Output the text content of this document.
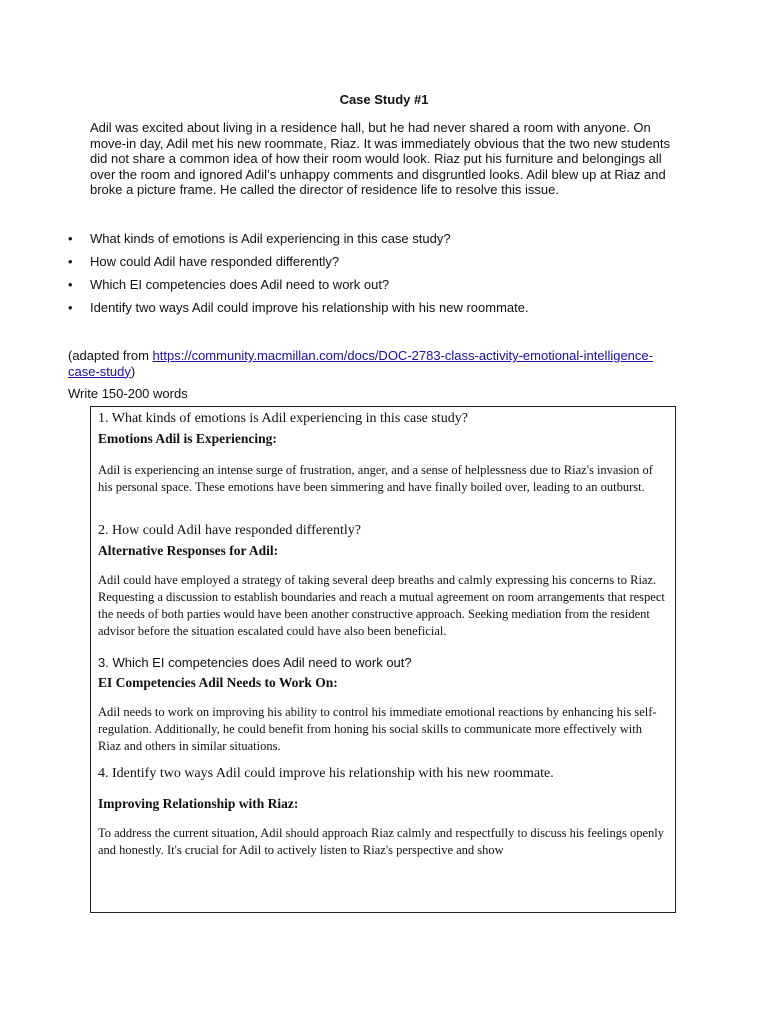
Case Study #1

Adil was excited about living in a residence hall, but he had never shared a room with anyone. On move-in day, Adil met his new roommate, Riaz. It was immediately obvious that the two new students did not share a common idea of how their room would look. Riaz put his furniture and belongings all over the room and ignored Adil’s unhappy comments and disgruntled looks. Adil blew up at Riaz and broke a picture frame. He called the director of residence life to resolve this issue.

• What kinds of emotions is Adil experiencing in this case study?
• How could Adil have responded differently?
• Which EI competencies does Adil need to work out?
• Identify two ways Adil could improve his relationship with his new roommate.
(adapted from https://community.macmillan.com/docs/DOC-2783-class-activity-emotional-intelligence-case-study)
Write 150-200 words

1. What kinds of emotions is Adil experiencing in this case study?

Emotions Adil is Experiencing:

Adil is experiencing an intense surge of frustration, anger, and a sense of helplessness due to Riaz's invasion of his personal space. These emotions have been simmering and have finally boiled over, leading to an outburst.

2. How could Adil have responded differently?

Alternative Responses for Adil:

Adil could have employed a strategy of taking several deep breaths and calmly expressing his concerns to Riaz. Requesting a discussion to establish boundaries and reach a mutual agreement on room arrangements that respect the needs of both parties would have been another constructive approach. Seeking mediation from the resident advisor before the situation escalated could have also been beneficial.

3. Which EI competencies does Adil need to work out?

EI Competencies Adil Needs to Work On:

Adil needs to work on improving his ability to control his immediate emotional reactions by enhancing his self-regulation. Additionally, he could benefit from honing his social skills to communicate more effectively with Riaz and others in similar situations.

4. Identify two ways Adil could improve his relationship with his new roommate.

Improving Relationship with Riaz:

To address the current situation, Adil should approach Riaz calmly and respectfully to discuss his feelings openly and honestly. It's crucial for Adil to actively listen to Riaz's perspective and show
